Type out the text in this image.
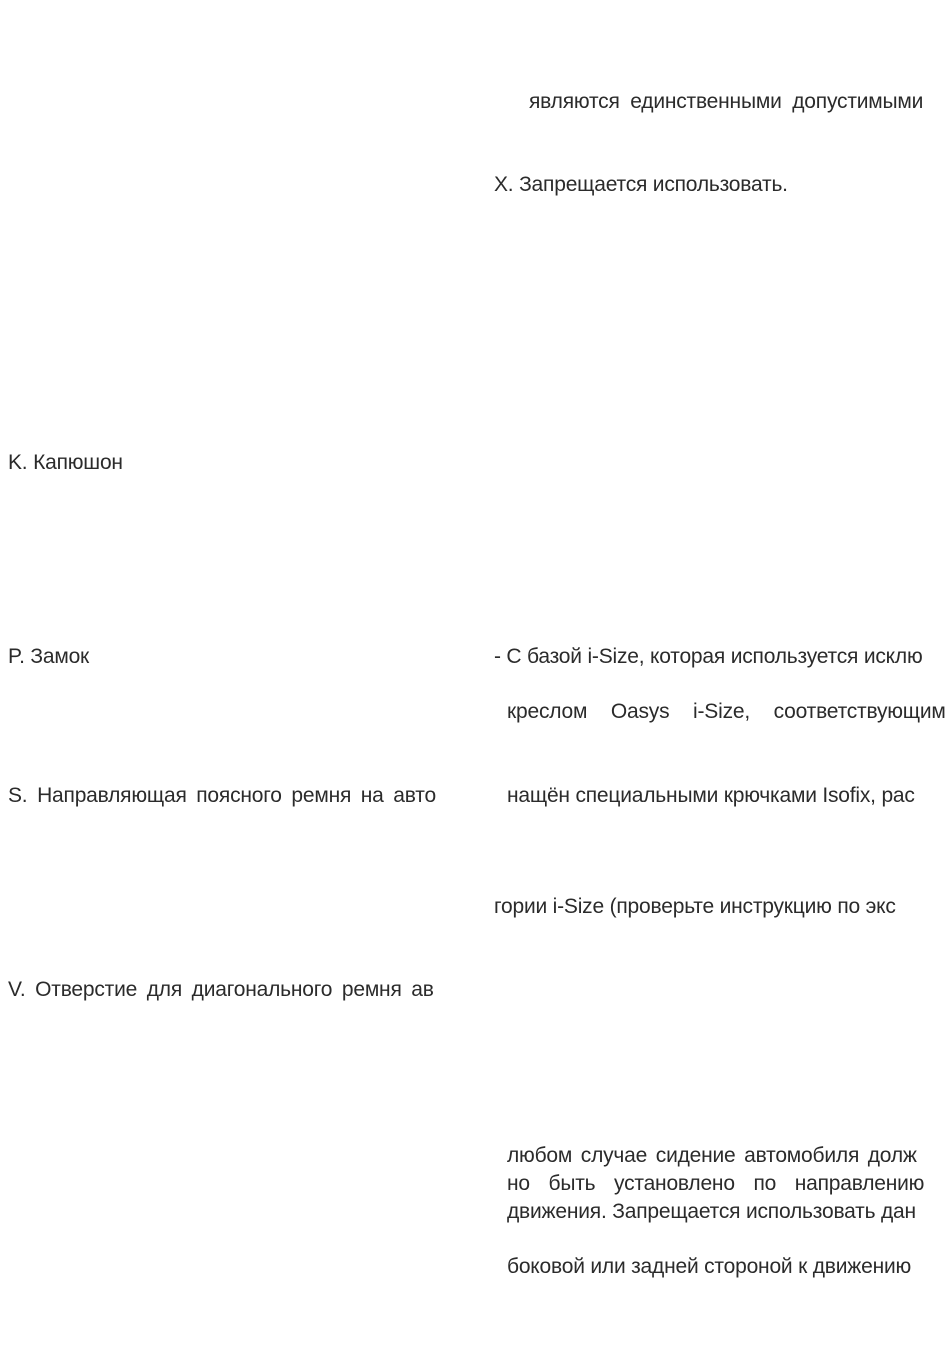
являются единственными допустимыми
X. Запрещается использовать.
K. Капюшон
P. Замок
S. Направляющая поясного ремня на авто
V. Отверстие для диагонального ремня ав
- С базой i-Size, которая используется исклю
креслом Oasys i-Size, соответствующим
нащён специальными крючками Isofix, рас
гории i-Size (проверьте инструкцию по экс
любом случае сидение автомобиля долж
но быть установлено по направлению
движения. Запрещается использовать дан
боковой или задней стороной к движению
